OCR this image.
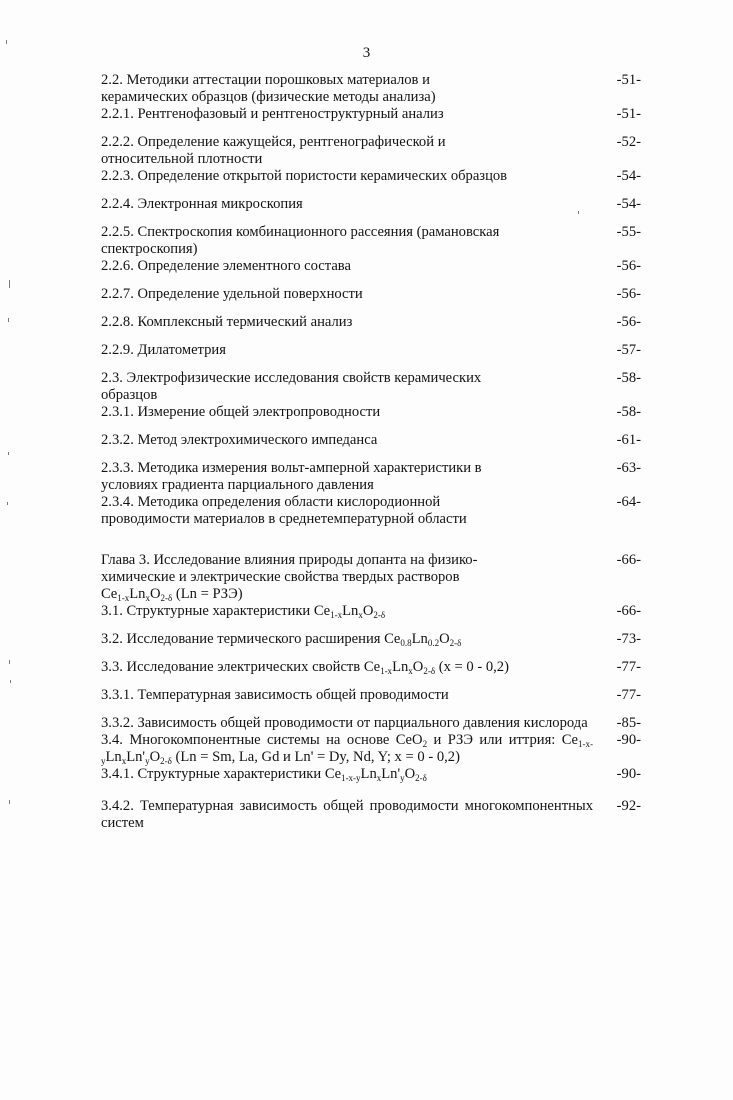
3
2.2. Методики аттестации порошковых материалов и
керамических образцов (физические методы анализа)
-51-
2.2.1. Рентгенофазовый и рентгеноструктурный анализ	-51-
2.2.2. Определение кажущейся, рентгенографической и
относительной плотности
-52-
2.2.3. Определение открытой пористости керамических образцов	-54-
2.2.4. Электронная микроскопия	-54-
2.2.5. Спектроскопия комбинационного рассеяния (рамановская
спектроскопия)
-55-
2.2.6. Определение элементного состава	-56-
2.2.7. Определение удельной поверхности	-56-
2.2.8. Комплексный термический анализ	-56-
2.2.9. Дилатометрия	-57-
2.3. Электрофизические исследования свойств керамических
образцов
-58-
2.3.1. Измерение общей электропроводности	-58-
2.3.2. Метод электрохимического импеданса	-61-
2.3.3. Методика измерения вольт-амперной характеристики в
условиях градиента парциального давления
-63-
2.3.4. Методика определения области кислородионной
проводимости материалов в среднетемпературной области
-64-
Глава 3. Исследование влияния природы допанта на физико-
химические и электрические свойства твердых растворов
$Ce_{1-x}Ln_xO_{2-\delta}$ (Ln = РЗЭ)
-66-
3.1. Структурные характеристики $Ce_{1-x}Ln_xO_{2-\delta}$	-66-
3.2. Исследование термического расширения $Ce_{0.8}Ln_{0.2}O_{2-\delta}$	-73-
3.3. Исследование электрических свойств $Ce_{1-x}Ln_xO_{2-\delta}$ (x = 0 - 0,2)	-77-
3.3.1. Температурная зависимость общей проводимости	-77-
3.3.2. Зависимость общей проводимости от парциального давления кислорода	-85-
3.4. Многокомпонентные системы на основе CeO$_2$ и РЗЭ или иттрия: $Ce_{1-x-y}Ln_xLn'_yO_{2-\delta}$ (Ln = Sm, La, Gd и Ln' = Dy, Nd, Y; x = 0 - 0,2)
-90-
3.4.1. Структурные характеристики $Ce_{1-x-y}Ln_xLn'_yO_{2-\delta}$	-90-
3.4.2. Температурная зависимость общей проводимости многокомпонентных систем
-92-
